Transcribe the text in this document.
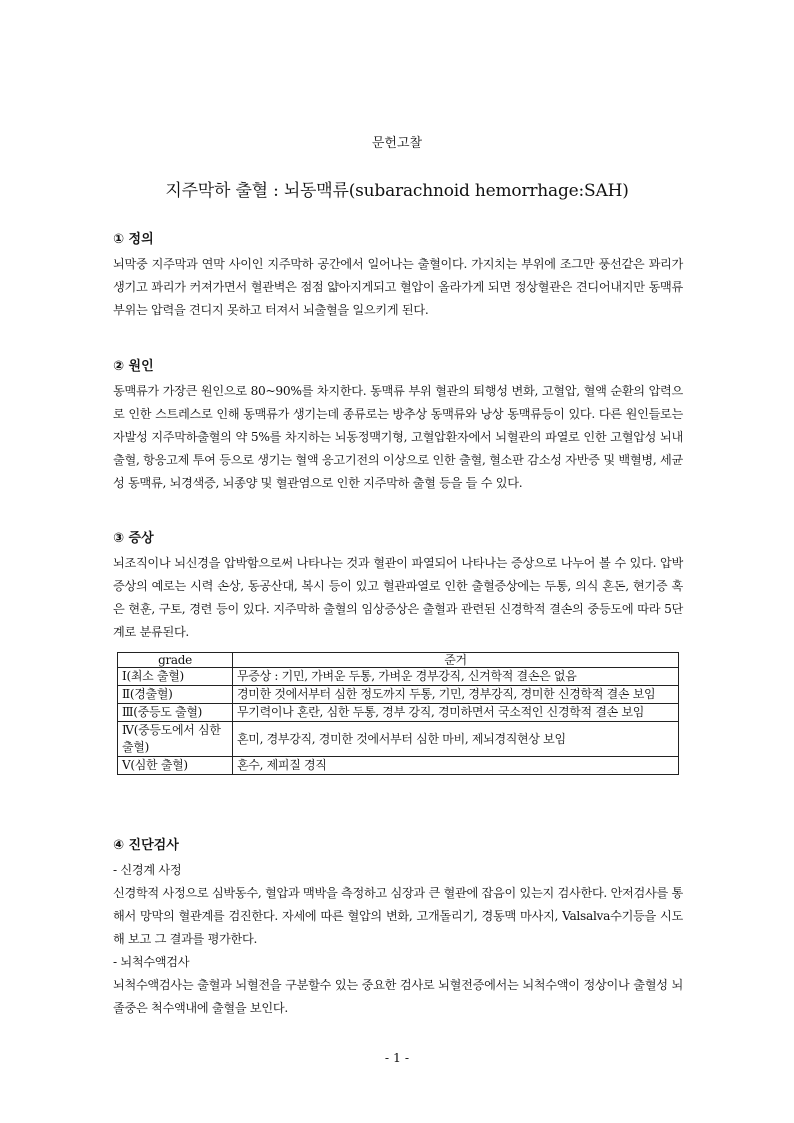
문헌고찰
지주막하 출혈 : 뇌동맥류(subarachnoid hemorrhage:SAH)
① 정의

뇌막중 지주막과 연막 사이인 지주막하 공간에서 일어나는 출혈이다. 가지치는 부위에 조그만 풍선같은 꽈리가 생기고 꽈리가 커져가면서 혈관벽은 점점 얇아지게되고 혈압이 올라가게 되면 정상혈관은 견디어내지만 동맥류 부위는 압력을 견디지 못하고 터져서 뇌출혈을 일으키게 된다.

② 원인

동맥류가 가장큰 원인으로 80~90%를 차지한다. 동맥류 부위 혈관의 퇴행성 변화, 고혈압, 혈액 순환의 압력으로 인한 스트레스로 인해 동맥류가 생기는데 종류로는 방추상 동맥류와 낭상 동맥류등이 있다. 다른 원인들로는 자발성 지주막하출혈의 약 5%를 차지하는 뇌동정맥기형, 고혈압환자에서 뇌혈관의 파열로 인한 고혈압성 뇌내출혈, 항응고제 투여 등으로 생기는 혈액 응고기전의 이상으로 인한 출혈, 혈소판 감소성 자반증 및 백혈병, 세균성 동맥류, 뇌경색증, 뇌종양 및 혈관염으로 인한 지주막하 출혈 등을 들 수 있다.

③ 증상

뇌조직이나 뇌신경을 압박함으로써 나타나는 것과 혈관이 파열되어 나타나는 증상으로 나누어 볼 수 있다. 압박증상의 예로는 시력 손상, 동공산대, 복시 등이 있고 혈관파열로 인한 출혈증상에는 두통, 의식 혼돈, 현기증 혹은 현훈, 구토, 경련 등이 있다. 지주막하 출혈의 임상증상은 출혈과 관련된 신경학적 결손의 중등도에 따라 5단계로 분류된다.

grade	준거
Ⅰ(최소 출혈)	무증상 : 기민, 가벼운 두통, 가벼운 경부강직, 신겨학적 결손은 없음
Ⅱ(경출혈)	경미한 것에서부터 심한 정도까지 두통, 기민, 경부강직, 경미한 신경학적 결손 보임
Ⅲ(중등도 출혈)	무기력이나 혼란, 심한 두통, 경부 강직, 경미하면서 국소적인 신경학적 결손 보임
Ⅳ(중등도에서 심한 출혈)	혼미, 경부강직, 경미한 것에서부터 심한 마비, 제뇌경직현상 보임
Ⅴ(심한 출혈)	혼수, 제피질 경직
④ 진단검사

- 신경계 사정

신경학적 사정으로 심박동수, 혈압과 맥박을 측정하고 심장과 큰 혈관에 잡음이 있는지 검사한다. 안저검사를 통해서 망막의 혈관계를 검진한다. 자세에 따른 혈압의 변화, 고개돌리기, 경동맥 마사지, Valsalva수기등을 시도해 보고 그 결과를 평가한다.

- 뇌척수액검사

뇌척수액검사는 출혈과 뇌혈전을 구분할수 있는 중요한 검사로 뇌혈전증에서는 뇌척수액이 정상이나 출혈성 뇌졸중은 척수액내에 출혈을 보인다.

- 1 -
